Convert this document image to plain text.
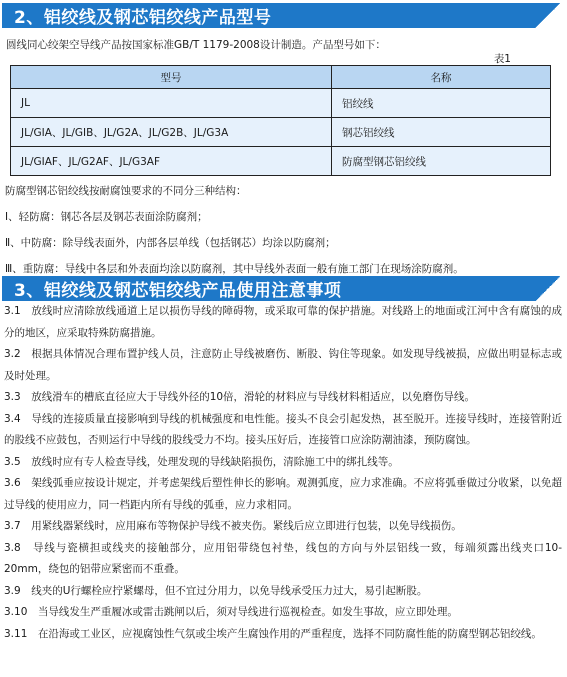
2、铝绞线及钢芯铝绞线产品型号
圆线同心绞架空导线产品按国家标准GB/T 1179-2008设计制造。产品型号如下：
表1
型号	名称
JL	铝绞线
JL/GIA、JL/GIB、JL/G2A、JL/G2B、JL/G3A	钢芯铝绞线
JL/GIAF、JL/G2AF、JL/G3AF	防腐型钢芯铝绞线

防腐型钢芯铝绞线按耐腐蚀要求的不同分三种结构：

Ⅰ、轻防腐：钢芯各层及钢芯表面涂防腐剂；

Ⅱ、中防腐：除导线表面外，内部各层单线（包括钢芯）均涂以防腐剂；

Ⅲ、重防腐：导线中各层和外表面均涂以防腐剂，其中导线外表面一般有施工部门在现场涂防腐剂。

3、铝绞线及钢芯铝绞线产品使用注意事项

3.1　放线时应清除放线通道上足以损伤导线的障碍物，或采取可靠的保护措施。对线路上的地面或江河中含有腐蚀的成分的地区，应采取特殊防腐措施。

3.2　根据具体情况合理布置护线人员，注意防止导线被磨伤、断股、钩住等现象。如发现导线被损，应做出明显标志或及时处理。

3.3　放线滑车的槽底直径应大于导线外径的10倍，滑轮的材料应与导线材料相适应，以免磨伤导线。

3.4　导线的连接质量直接影响到导线的机械强度和电性能。接头不良会引起发热，甚至脱开。连接导线时，连接管附近的股线不应鼓包，否则运行中导线的股线受力不均。接头压好后，连接管口应涂防潮油漆，预防腐蚀。

3.5　放线时应有专人检查导线，处理发现的导线缺陷损伤，清除施工中的绑扎线等。

3.6　架线弧垂应按设计规定，并考虑架线后塑性伸长的影响。观测弧度，应力求准确。不应将弧垂做过分收紧，以免超过导线的使用应力，同一档距内所有导线的弧垂，应力求相同。

3.7　用紧线器紧线时，应用麻布等物保护导线不被夹伤。紧线后应立即进行包装，以免导线损伤。

3.8　导线与瓷横担或线夹的接触部分，应用铝带绕包衬垫，线包的方向与外层铝线一致，每端须露出线夹口10-20mm，绕包的铝带应紧密而不重叠。

3.9　线夹的U行螺栓应拧紧螺母，但不宜过分用力，以免导线承受压力过大，易引起断股。

3.10　当导线发生严重履冰或雷击跳闸以后，须对导线进行巡视检查。如发生事故，应立即处理。

3.11　在沿海或工业区，应视腐蚀性气氛或尘埃产生腐蚀作用的严重程度，选择不同防腐性能的防腐型钢芯铝绞线。
